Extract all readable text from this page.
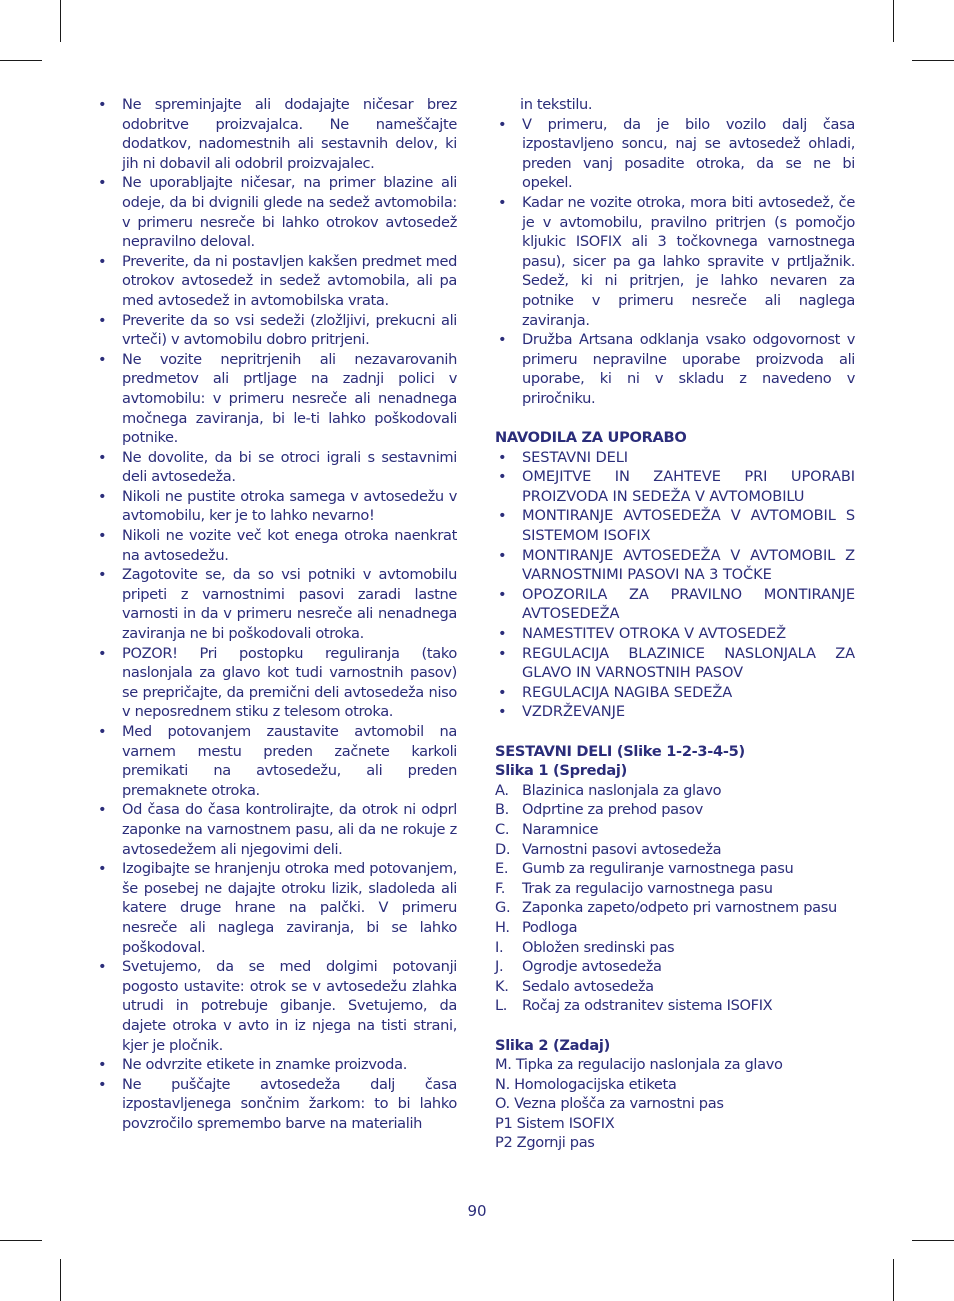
• Ne spreminjajte ali dodajajte ničesar brez odobritve proizvajalca. Ne nameščajte dodatkov, nadomestnih ali sestavnih delov, ki jih ni dobavil ali odobril proizvajalec.
• Ne uporabljajte ničesar, na primer blazine ali odeje, da bi dvignili glede na sedež avtomobila: v primeru nesreče bi lahko otrokov avtosedež nepravilno deloval.
• Preverite, da ni postavljen kakšen predmet med otrokov avtosedež in sedež avtomobila, ali pa med avtosedež in avtomobilska vrata.
• Preverite da so vsi sedeži (zložljivi, prekucni ali vrteči) v avtomobilu dobro pritrjeni.
• Ne vozite nepritrjenih ali nezavarovanih predmetov ali prtljage na zadnji polici v avtomobilu: v primeru nesreče ali nenadnega močnega zaviranja, bi le-ti lahko poškodovali potnike.
• Ne dovolite, da bi se otroci igrali s sestavnimi deli avtosedeža.
• Nikoli ne pustite otroka samega v avtosedežu v avtomobilu, ker je to lahko nevarno!
• Nikoli ne vozite več kot enega otroka naenkrat na avtosedežu.
• Zagotovite se, da so vsi potniki v avtomobilu pripeti z varnostnimi pasovi zaradi lastne varnosti in da v primeru nesreče ali nenadnega zaviranja ne bi poškodovali otroka.
• POZOR! Pri postopku reguliranja (tako naslonjala za glavo kot tudi varnostnih pasov) se prepričajte, da premični deli avtosedeža niso v neposrednem stiku z telesom otroka.
• Med potovanjem zaustavite avtomobil na varnem mestu preden začnete karkoli premikati na avtosedežu, ali preden premaknete otroka.
• Od časa do časa kontrolirajte, da otrok ni odprl zaponke na varnostnem pasu, ali da ne rokuje z avtosedežem ali njegovimi deli.
• Izogibajte se hranjenju otroka med potovanjem, še posebej ne dajajte otroku lizik, sladoleda ali katere druge hrane na palčki. V primeru nesreče ali naglega zaviranja, bi se lahko poškodoval.
• Svetujemo, da se med dolgimi potovanji pogosto ustavite: otrok se v avtosedežu zlahka utrudi in potrebuje gibanje. Svetujemo, da dajete otroka v avto in iz njega na tisti strani, kjer je pločnik.
• Ne odvrzite etikete in znamke proizvoda.
• Ne puščajte avtosedeža dalj časa izpostavljenega sončnim žarkom: to bi lahko povzročilo spremembo barve na materialih
in tekstilu.
• V primeru, da je bilo vozilo dalj časa izpostavljeno soncu, naj se avtosedež ohladi, preden vanj posadite otroka, da se ne bi opekel.
• Kadar ne vozite otroka, mora biti avtosedež, če je v avtomobilu, pravilno pritrjen (s pomočjo kljukic ISOFIX ali 3 točkovnega varnostnega pasu), sicer pa ga lahko spravite v prtljažnik. Sedež, ki ni pritrjen, je lahko nevaren za potnike v primeru nesreče ali naglega zaviranja.
• Družba Artsana odklanja vsako odgovornost v primeru nepravilne uporabe proizvoda ali uporabe, ki ni v skladu z navedeno v priročniku.
NAVODILA ZA UPORABO
• SESTAVNI DELI
• OMEJITVE IN ZAHTEVE PRI UPORABI PROIZVODA IN SEDEŽA V AVTOMOBILU
• MONTIRANJE AVTOSEDEŽA V AVTOMOBIL S SISTEMOM ISOFIX
• MONTIRANJE AVTOSEDEŽA V AVTOMOBIL Z VARNOSTNIMI PASOVI NA 3 TOČKE
• OPOZORILA ZA PRAVILNO MONTIRANJE AVTOSEDEŽA
• NAMESTITEV OTROKA V AVTOSEDEŽ
• REGULACIJA BLAZINICE NASLONJALA ZA GLAVO IN VARNOSTNIH PASOV
• REGULACIJA NAGIBA SEDEŽA
• VZDRŽEVANJE
SESTAVNI DELI (Slike 1-2-3-4-5)
Slika 1 (Spredaj)
A. Blazinica naslonjala za glavo
B. Odprtine za prehod pasov
C. Naramnice
D. Varnostni pasovi avtosedeža
E. Gumb za reguliranje varnostnega pasu
F. Trak za regulacijo varnostnega pasu
G. Zaponka zapeto/odpeto pri varnostnem pasu
H. Podloga
I. Obložen sredinski pas
J. Ogrodje avtosedeža
K. Sedalo avtosedeža
L. Ročaj za odstranitev sistema ISOFIX
Slika 2 (Zadaj)
M. Tipka za regulacijo naslonjala za glavo
N. Homologacijska etiketa
O. Vezna plošča za varnostni pas
P1 Sistem ISOFIX
P2 Zgornji pas
90
